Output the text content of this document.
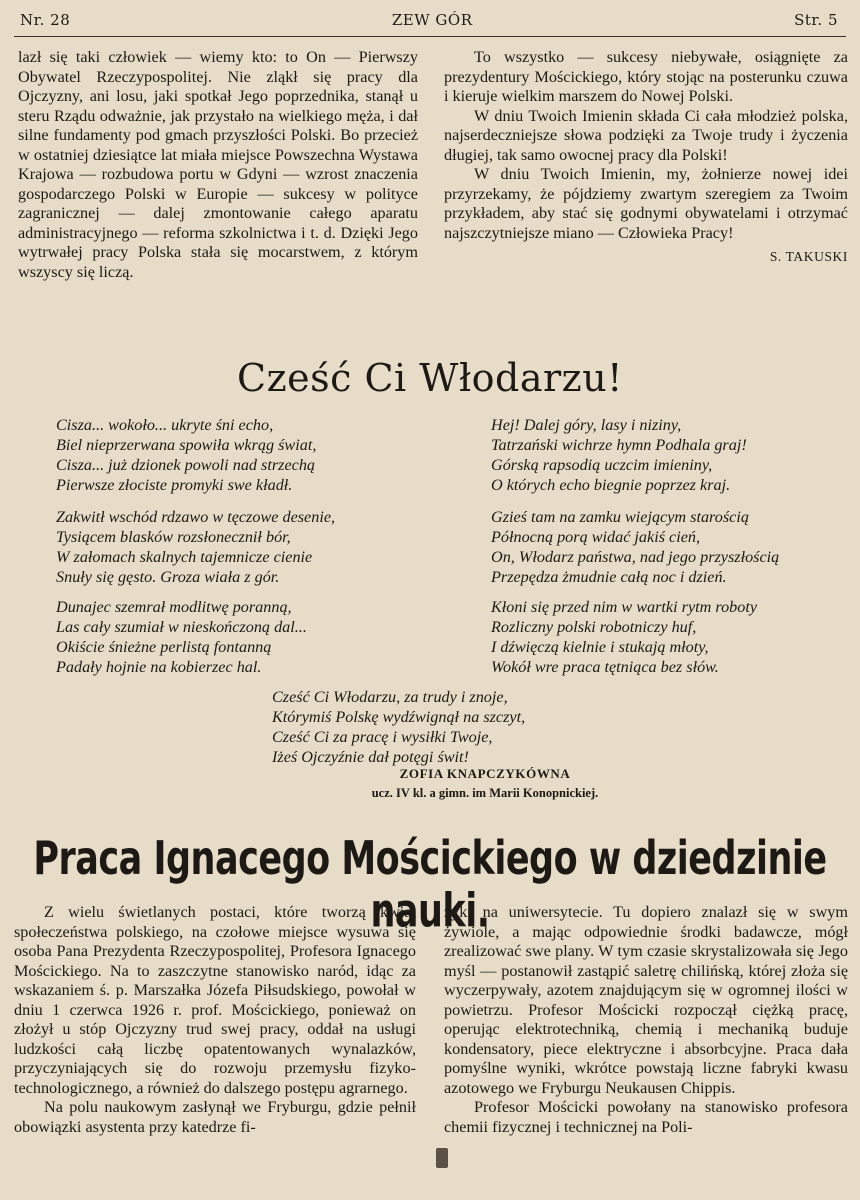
Nr. 28	ZEW GÓR	Str. 5

lazł się taki człowiek — wiemy kto: to On — Pierwszy Obywatel Rzeczypospolitej. Nie zląkł się pracy dla Ojczyzny, ani losu, jaki spotkał Jego poprzednika, stanął u steru Rządu odważnie, jak przystało na wielkiego męża, i dał silne fundamenty pod gmach przyszłości Polski. Bo przecież w ostatniej dziesiątce lat miała miejsce Powszechna Wystawa Krajowa — rozbudowa portu w Gdyni — wzrost znaczenia gospodarczego Polski w Europie — sukcesy w polityce zagranicznej — dalej zmontowanie całego aparatu administracyjnego — reforma szkolnictwa i t. d. Dzięki Jego wytrwałej pracy Polska stała się mocarstwem, z którym wszyscy się liczą.

To wszystko — sukcesy niebywałe, osiągnięte za prezydentury Mościckiego, który stojąc na posterunku czuwa i kieruje wielkim marszem do Nowej Polski.

W dniu Twoich Imienin składa Ci cała młodzież polska, najserdeczniejsze słowa podzięki za Twoje trudy i życzenia długiej, tak samo owocnej pracy dla Polski!

W dniu Twoich Imienin, my, żołnierze nowej idei przyrzekamy, że pójdziemy zwartym szeregiem za Twoim przykładem, aby stać się godnymi obywatelami i otrzymać najszczytniejsze miano — Człowieka Pracy!

S. TAKUSKI
Cześć Ci Włodarzu!
Cisza... wokoło... ukryte śni echo,
Biel nieprzerwana spowiła wkrąg świat,
Cisza... już dzionek powoli nad strzechą
Pierwsze złociste promyki swe kładł.
Zakwitł wschód rdzawo w tęczowe desenie,
Tysiącem blasków rozsłonecznił bór,
W załomach skalnych tajemnicze cienie
Snuły się gęsto. Groza wiała z gór.
Dunajec szemrał modlitwę poranną,
Las cały szumiał w nieskończoną dal...
Okiście śnieżne perlistą fontanną
Padały hojnie na kobierzec hal.
Hej! Dalej góry, lasy i niziny,
Tatrzański wichrze hymn Podhala graj!
Górską rapsodią uczcim imieniny,
O których echo biegnie poprzez kraj.
Gzieś tam na zamku wiejącym starością
Północną porą widać jakiś cień,
On, Włodarz państwa, nad jego przyszłością
Przepędza żmudnie całą noc i dzień.
Kłoni się przed nim w wartki rytm roboty
Rozliczny polski robotniczy huf,
I dźwięczą kielnie i stukają młoty,
Wokół wre praca tętniąca bez słów.
Cześć Ci Włodarzu, za trudy i znoje,
Którymiś Polskę wydźwignął na szczyt,
Cześć Ci za pracę i wysiłki Twoje,
Iżeś Ojczyźnie dał potęgi świt!
ZOFIA KNAPCZYKÓWNA
ucz. IV kl. a gimn. im Marii Konopnickiej.
Praca Ignacego Mościckiego w dziedzinie nauki.

Z wielu świetlanych postaci, które tworzą kwiat społeczeństwa polskiego, na czołowe miejsce wysuwa się osoba Pana Prezydenta Rzeczypospolitej, Profesora Ignacego Mościckiego. Na to zaszczytne stanowisko naród, idąc za wskazaniem ś. p. Marszałka Józefa Piłsudskiego, powołał w dniu 1 czerwca 1926 r. prof. Mościckiego, ponieważ on złożył u stóp Ojczyzny trud swej pracy, oddał na usługi ludzkości całą liczbę opatentowanych wynalazków, przyczyniających się do rozwoju przemysłu fizyko-technologicznego, a również do dalszego postępu agrarnego.

Na polu naukowym zasłynął we Fryburgu, gdzie pełnił obowiązki asystenta przy katedrze fi-

zyki na uniwersytecie. Tu dopiero znalazł się w swym żywiole, a mając odpowiednie środki badawcze, mógł zrealizować swe plany. W tym czasie skrystalizowała się Jego myśl — postanowił zastąpić saletrę chilińską, której złoża się wyczerpywały, azotem znajdującym się w ogromnej ilości w powietrzu. Profesor Mościcki rozpoczął ciężką pracę, operując elektrotechniką, chemią i mechaniką buduje kondensatory, piece elektryczne i absorbcyjne. Praca dała pomyślne wyniki, wkrótce powstają liczne fabryki kwasu azotowego we Fryburgu Neukausen Chippis.

Profesor Mościcki powołany na stanowisko profesora chemii fizycznej i technicznej na Poli-
